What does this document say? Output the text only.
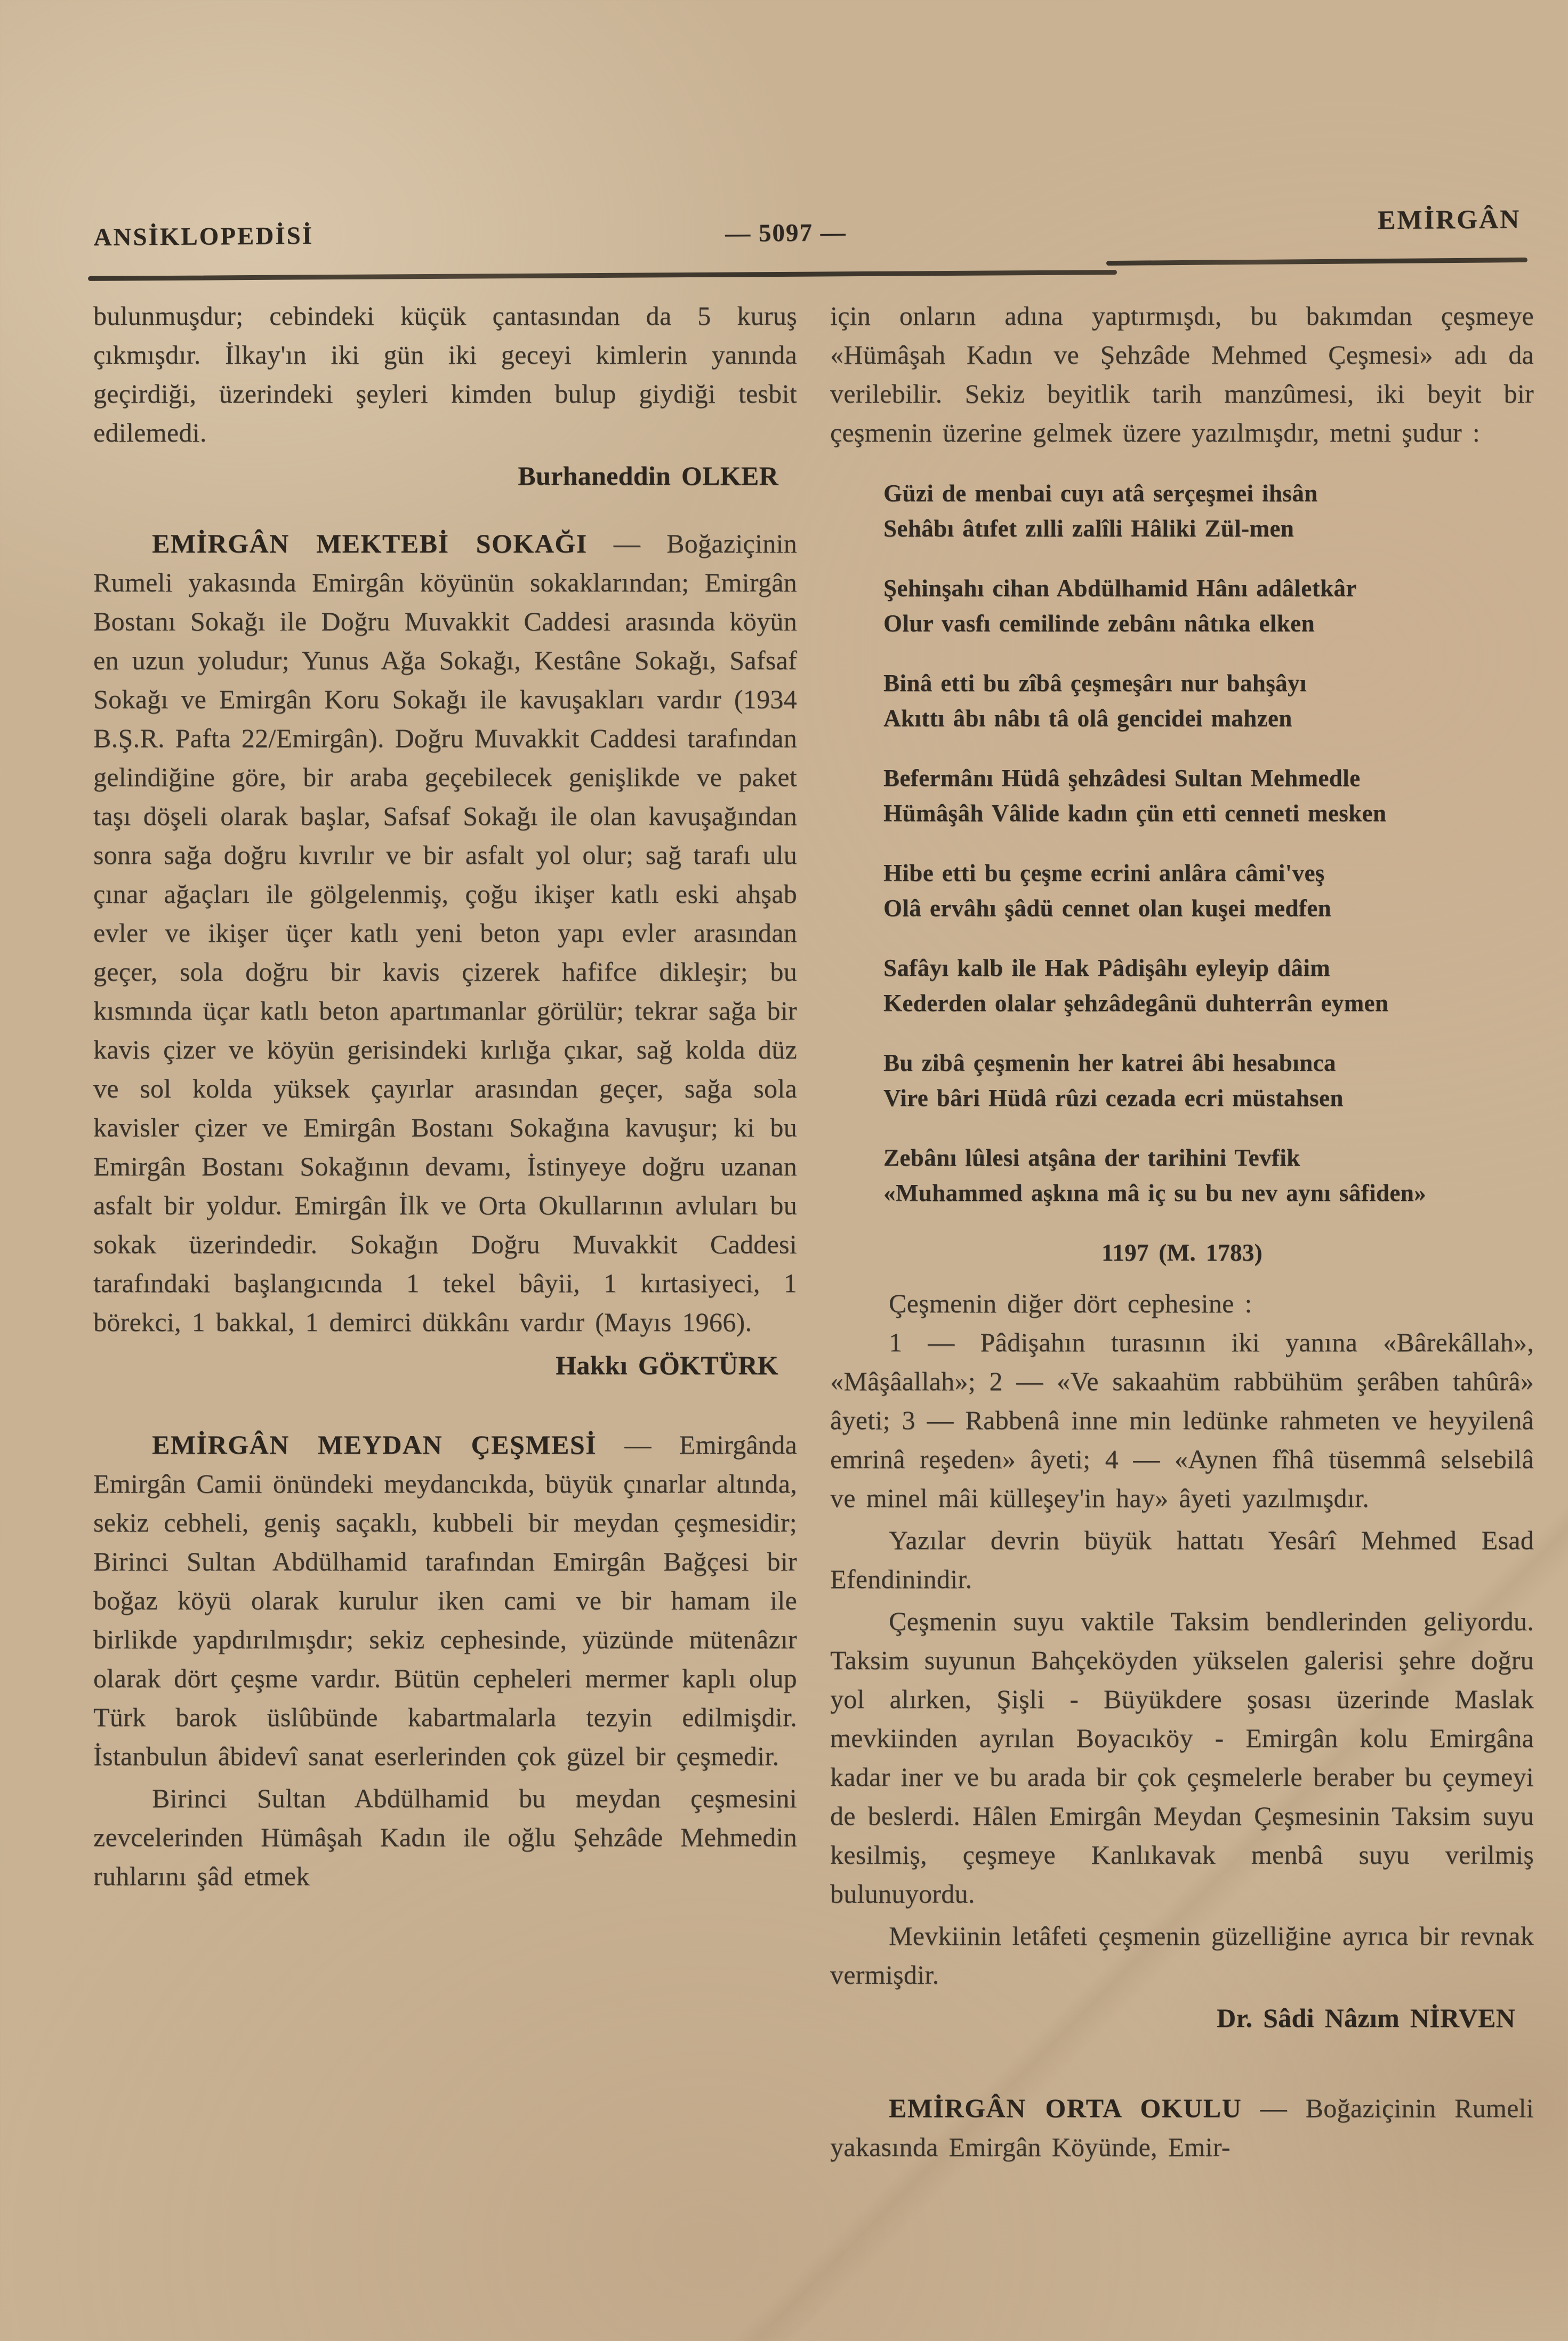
ANSİKLOPEDİSİ	— 5097 —	EMİRGÂN

bulunmuşdur; cebindeki küçük çantasından da 5 kuruş çıkmışdır. İlkay'ın iki gün iki geceyi kimlerin yanında geçirdiği, üzerindeki şeyleri kimden bulup giydiği tesbit edilemedi.

Burhaneddin OLKER

EMİRGÂN MEKTEBİ SOKAĞI — Boğaziçinin Rumeli yakasında Emirgân köyünün sokaklarından; Emirgân Bostanı Sokağı ile Doğru Muvakkit Caddesi arasında köyün en uzun yoludur; Yunus Ağa Sokağı, Kestâne Sokağı, Safsaf Sokağı ve Emirgân Koru Sokağı ile kavuşakları vardır (1934 B.Ş.R. Pafta 22/Emirgân). Doğru Muvakkit Caddesi tarafından gelindiğine göre, bir araba geçebilecek genişlikde ve paket taşı döşeli olarak başlar, Safsaf Sokağı ile olan kavuşağından sonra sağa doğru kıvrılır ve bir asfalt yol olur; sağ tarafı ulu çınar ağaçları ile gölgelenmiş, çoğu ikişer katlı eski ahşab evler ve ikişer üçer katlı yeni beton yapı evler arasından geçer, sola doğru bir kavis çizerek hafifce dikleşir; bu kısmında üçar katlı beton apartımanlar görülür; tekrar sağa bir kavis çizer ve köyün gerisindeki kırlığa çıkar, sağ kolda düz ve sol kolda yüksek çayırlar arasından geçer, sağa sola kavisler çizer ve Emirgân Bostanı Sokağına kavuşur; ki bu Emirgân Bostanı Sokağının devamı, İstinyeye doğru uzanan asfalt bir yoldur. Emirgân İlk ve Orta Okullarının avluları bu sokak üzerindedir. Sokağın Doğru Muvakkit Caddesi tarafındaki başlangıcında 1 tekel bâyii, 1 kırtasiyeci, 1 börekci, 1 bakkal, 1 demirci dükkânı vardır (Mayıs 1966).

Hakkı GÖKTÜRK

EMİRGÂN MEYDAN ÇEŞMESİ — Emirgânda Emirgân Camii önündeki meydancıkda, büyük çınarlar altında, sekiz cebheli, geniş saçaklı, kubbeli bir meydan çeşmesidir; Birinci Sultan Abdülhamid tarafından Emirgân Bağçesi bir boğaz köyü olarak kurulur iken cami ve bir hamam ile birlikde yapdırılmışdır; sekiz cephesinde, yüzünde mütenâzır olarak dört çeşme vardır. Bütün cepheleri mermer kaplı olup Türk barok üslûbünde kabartmalarla tezyin edilmişdir. İstanbulun âbidevî sanat eserlerinden çok güzel bir çeşmedir.

Birinci Sultan Abdülhamid bu meydan çeşmesini zevcelerinden Hümâşah Kadın ile oğlu Şehzâde Mehmedin ruhlarını şâd etmek

için onların adına yaptırmışdı, bu bakımdan çeşmeye «Hümâşah Kadın ve Şehzâde Mehmed Çeşmesi» adı da verilebilir. Sekiz beyitlik tarih manzûmesi, iki beyit bir çeşmenin üzerine gelmek üzere yazılmışdır, metni şudur :

Güzi de menbai cuyı atâ serçeşmei ihsân
Sehâbı âtıfet zılli zalîli Hâliki Zül-men
Şehinşahı cihan Abdülhamid Hânı adâletkâr
Olur vasfı cemilinde zebânı nâtıka elken
Binâ etti bu zîbâ çeşmeşârı nur bahşâyı
Akıttı âbı nâbı tâ olâ gencidei mahzen
Befermânı Hüdâ şehzâdesi Sultan Mehmedle
Hümâşâh Vâlide kadın çün etti cenneti mesken
Hibe etti bu çeşme ecrini anlâra câmi'veş
Olâ ervâhı şâdü cennet olan kuşei medfen
Safâyı kalb ile Hak Pâdişâhı eyleyip dâim
Kederden olalar şehzâdegânü duhterrân eymen
Bu zibâ çeşmenin her katrei âbi hesabınca
Vire bâri Hüdâ rûzi cezada ecri müstahsen
Zebânı lûlesi atşâna der tarihini Tevfik
«Muhammed aşkına mâ iç su bu nev aynı sâfiden»
1197 (M. 1783)

Çeşmenin diğer dört cephesine :

1 — Pâdişahın turasının iki yanına «Bârekâllah», «Mâşâallah»; 2 — «Ve sakaahüm rabbühüm şerâben tahûrâ» âyeti; 3 — Rabbenâ inne min ledünke rahmeten ve heyyilenâ emrinâ reşeden» âyeti; 4 — «Aynen fîhâ tüsemmâ selsebilâ ve minel mâi külleşey'in hay» âyeti yazılmışdır.

Yazılar devrin büyük hattatı Yesârî Mehmed Esad Efendinindir.

Çeşmenin suyu vaktile Taksim bendlerinden geliyordu. Taksim suyunun Bahçeköyden yükselen galerisi şehre doğru yol alırken, Şişli - Büyükdere şosası üzerinde Maslak mevkiinden ayrılan Boyacıköy - Emirgân kolu Emirgâna kadar iner ve bu arada bir çok çeşmelerle beraber bu çeymeyi de beslerdi. Hâlen Emirgân Meydan Çeşmesinin Taksim suyu kesilmiş, çeşmeye Kanlıkavak menbâ suyu verilmiş bulunuyordu.

Mevkiinin letâfeti çeşmenin güzelliğine ayrıca bir revnak vermişdir.

Dr. Sâdi Nâzım NİRVEN

EMİRGÂN ORTA OKULU — Boğaziçinin Rumeli yakasında Emirgân Köyünde, Emir-
